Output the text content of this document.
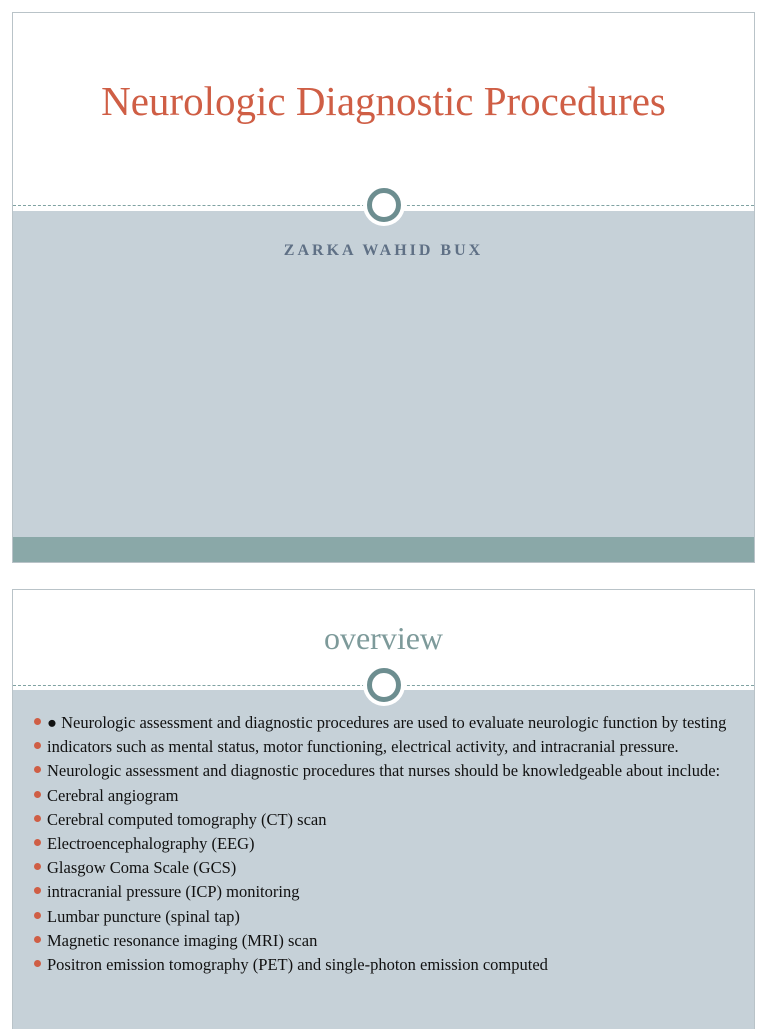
Neurologic Diagnostic Procedures
ZARKA WAHID BUX
overview
● Neurologic assessment and diagnostic procedures are used to evaluate neurologic function by testing
indicators such as mental status, motor functioning, electrical activity, and intracranial pressure.
Neurologic assessment and diagnostic procedures that nurses should be knowledgeable about include:
Cerebral angiogram
Cerebral computed tomography (CT) scan
Electroencephalography (EEG)
Glasgow Coma Scale (GCS)
intracranial pressure (ICP) monitoring
Lumbar puncture (spinal tap)
Magnetic resonance imaging (MRI) scan
Positron emission tomography (PET) and single-photon emission computed
